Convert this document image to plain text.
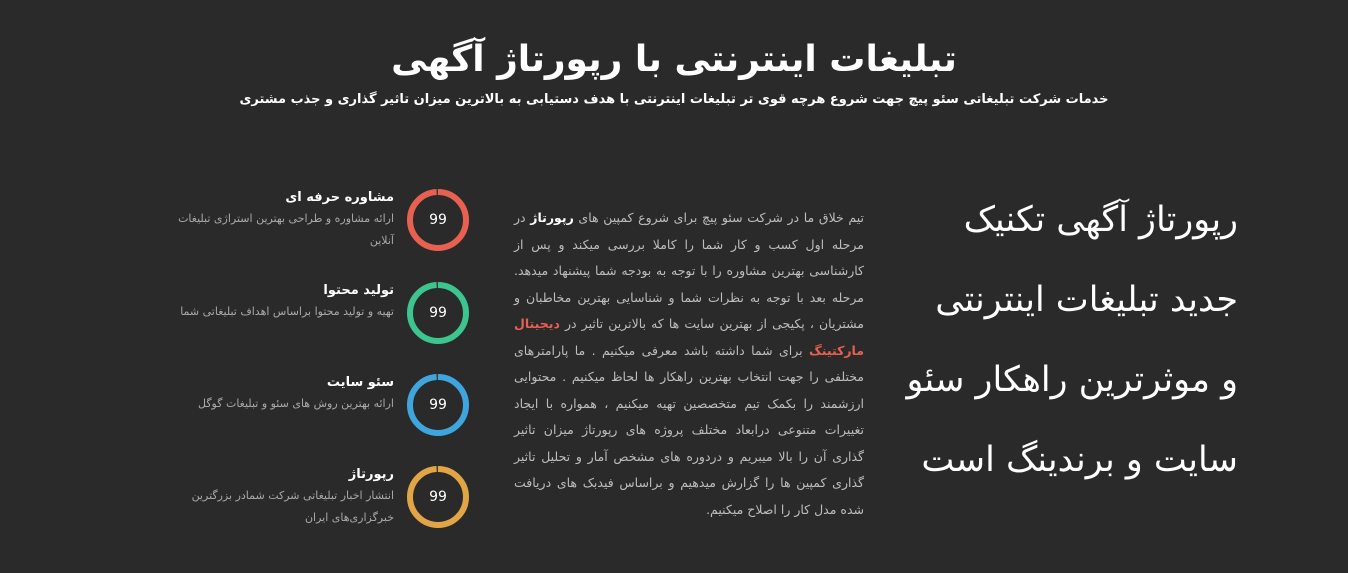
تبلیغات اینترنتی با رپورتاژ آگهی
خدمات شرکت تبلیغاتی سئو پیچ جهت شروع هرچه قوی تر تبلیغات اینترنتی با هدف دستیابی به بالاترین میزان تاثیر گذاری و جذب مشتری
رپورتاژ آگهی تکنیک
جدید تبلیغات اینترنتی
و موثرترین راهکار سئو
سایت و برندینگ است
تیم خلاق ما در شرکت سئو پیچ برای شروع کمپین های رپورتاژ در مرحله اول کسب و کار شما را کاملا بررسی میکند و پس از کارشناسی بهترین مشاوره را با توجه به بودجه شما پیشنهاد میدهد. مرحله بعد با توجه به نظرات شما و شناسایی بهترین مخاطبان و مشتریان ، پکیجی از بهترین سایت ها که بالاترین تاثیر در دیجیتال مارکتینگ برای شما داشته باشد معرفی میکنیم . ما پارامترهای مختلفی را جهت انتخاب بهترین راهکار ها لحاظ میکنیم . محتوایی ارزشمند را بکمک تیم متخصصین تهیه میکنیم ، همواره با ایجاد تغییرات متنوعی درابعاد مختلف پروژه های رپورتاژ میزان تاثیر گذاری آن را بالا میبریم و دردوره های مشخص آمار و تحلیل تاثیر گذاری کمپین ها را گزارش میدهیم و براساس فیدبک های دریافت شده مدل کار را اصلاح میکنیم.
99
مشاوره حرفه ای
ارائه مشاوره و طراحی بهترین استراژی تبلیغات آنلاین
99
تولید محتوا
تهیه و تولید محتوا براساس اهداف تبلیغاتی شما
99
سئو سایت
ارائه بهترین روش های سئو و تبلیغات گوگل
99
رپورتاژ
انتشار اخبار تبلیغاتی شرکت شمادر بزرگترین خبرگزاری‌های ایران
